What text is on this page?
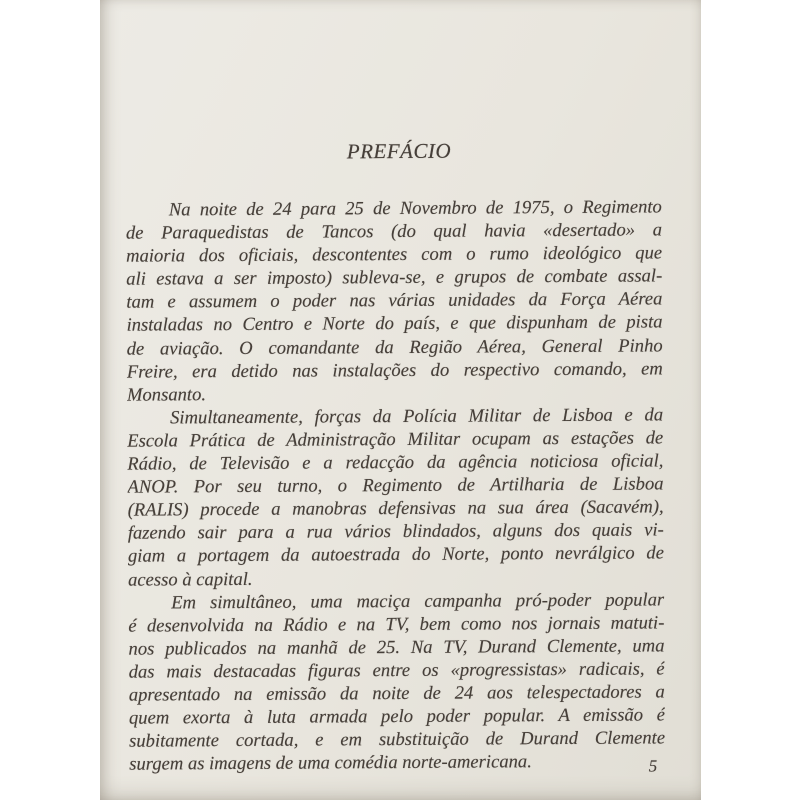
PREFÁCIO
Na noite de 24 para 25 de Novembro de 1975, o Regimento
de Paraquedistas de Tancos (do qual havia «desertado» a
maioria dos oficiais, descontentes com o rumo ideológico que
ali estava a ser imposto) subleva-se, e grupos de combate assal-
tam e assumem o poder nas várias unidades da Força Aérea
instaladas no Centro e Norte do país, e que dispunham de pista
de aviação. O comandante da Região Aérea, General Pinho
Freire, era detido nas instalações do respectivo comando, em
Monsanto.
Simultaneamente, forças da Polícia Militar de Lisboa e da
Escola Prática de Administração Militar ocupam as estações de
Rádio, de Televisão e a redacção da agência noticiosa oficial,
ANOP. Por seu turno, o Regimento de Artilharia de Lisboa
(RALIS) procede a manobras defensivas na sua área (Sacavém),
fazendo sair para a rua vários blindados, alguns dos quais vi-
giam a portagem da autoestrada do Norte, ponto nevrálgico de
acesso à capital.
Em simultâneo, uma maciça campanha pró-poder popular
é desenvolvida na Rádio e na TV, bem como nos jornais matuti-
nos publicados na manhã de 25. Na TV, Durand Clemente, uma
das mais destacadas figuras entre os «progressistas» radicais, é
apresentado na emissão da noite de 24 aos telespectadores a
quem exorta à luta armada pelo poder popular. A emissão é
subitamente cortada, e em substituição de Durand Clemente
surgem as imagens de uma comédia norte-americana.	5
